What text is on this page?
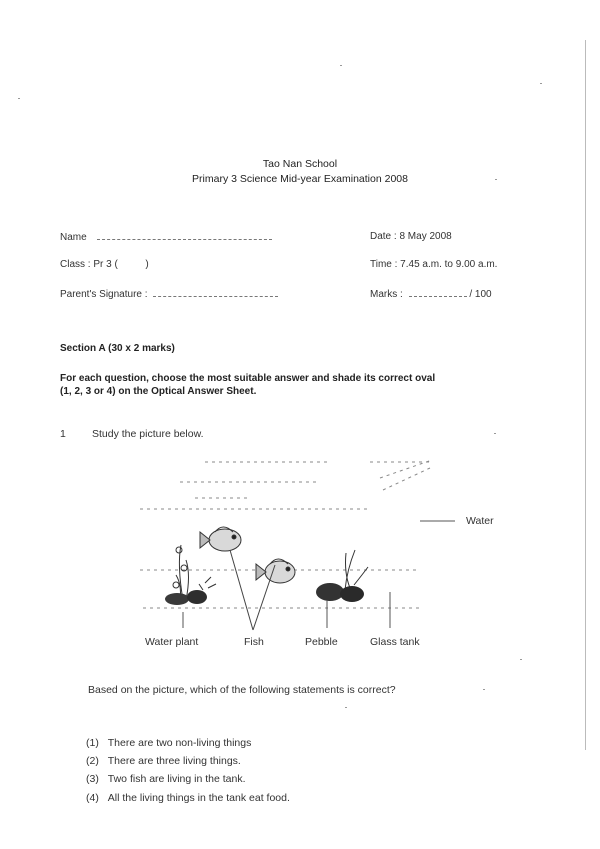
Tao Nan School
Primary 3 Science Mid-year Examination 2008
Name
Class : Pr 3 (	)
Parent's Signature :
Date : 8 May 2008
Time : 7.45 a.m. to 9.00 a.m.
Marks :	/ 100
Section A (30 x 2 marks)
For each question, choose the most suitable answer and shade its correct oval
(1, 2, 3 or 4) on the Optical Answer Sheet.
1 Study the picture below.
Water
Water plant	Fish	Pebble	Glass tank
Based on the picture, which of the following statements is correct?
(1) There are two non-living things
(2) There are three living things.
(3) Two fish are living in the tank.
(4) All the living things in the tank eat food.
